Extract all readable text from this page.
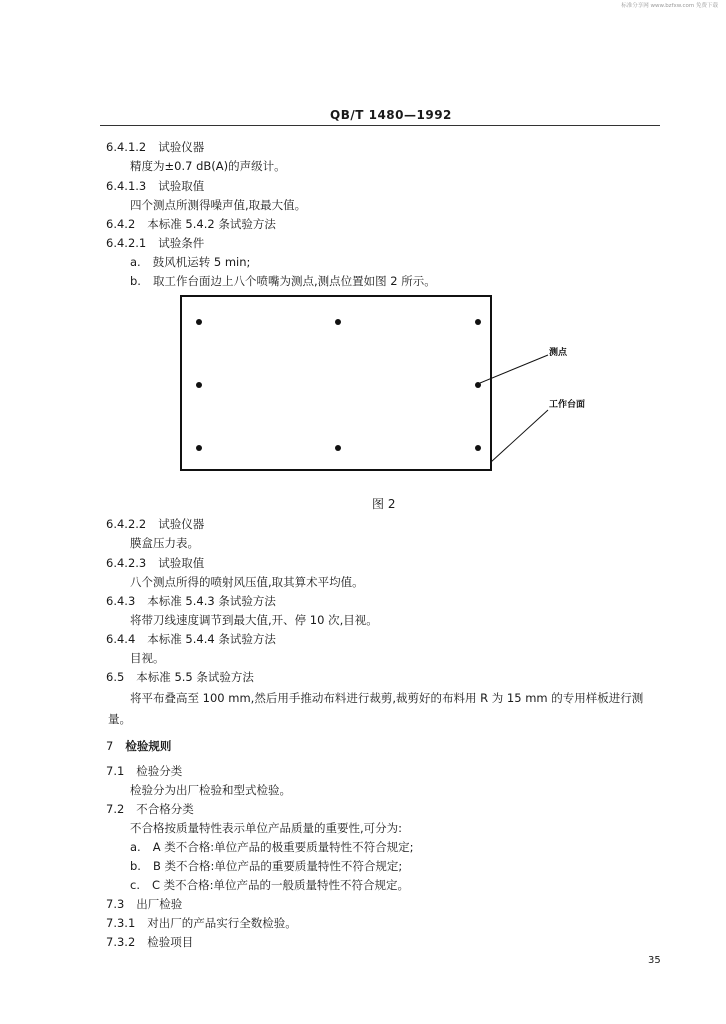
标准分享网 www.bzfxw.com 免费下载
QB/T 1480—1992
6.4.1.2 试验仪器
精度为±0.7 dB(A)的声级计。
6.4.1.3 试验取值
四个测点所测得噪声值,取最大值。
6.4.2 本标准 5.4.2 条试验方法
6.4.2.1 试验条件
a. 鼓风机运转 5 min;
b. 取工作台面边上八个喷嘴为测点,测点位置如图 2 所示。
6.4.2.2 试验仪器
膜盒压力表。
6.4.2.3 试验取值
八个测点所得的喷射风压值,取其算术平均值。
6.4.3 本标准 5.4.3 条试验方法
将带刀线速度调节到最大值,开、停 10 次,目视。
6.4.4 本标准 5.4.4 条试验方法
目视。
6.5 本标准 5.5 条试验方法
将平布叠高至 100 mm,然后用手推动布料进行裁剪,裁剪好的布料用 R 为 15 mm 的专用样板进行测量。
7 检验规则
7.1 检验分类
检验分为出厂检验和型式检验。
7.2 不合格分类
不合格按质量特性表示单位产品质量的重要性,可分为:
a. A 类不合格:单位产品的极重要质量特性不符合规定;
b. B 类不合格:单位产品的重要质量特性不符合规定;
c. C 类不合格:单位产品的一般质量特性不符合规定。
7.3 出厂检验
7.3.1 对出厂的产品实行全数检验。
7.3.2 检验项目
测点
工作台面
图 2
35
